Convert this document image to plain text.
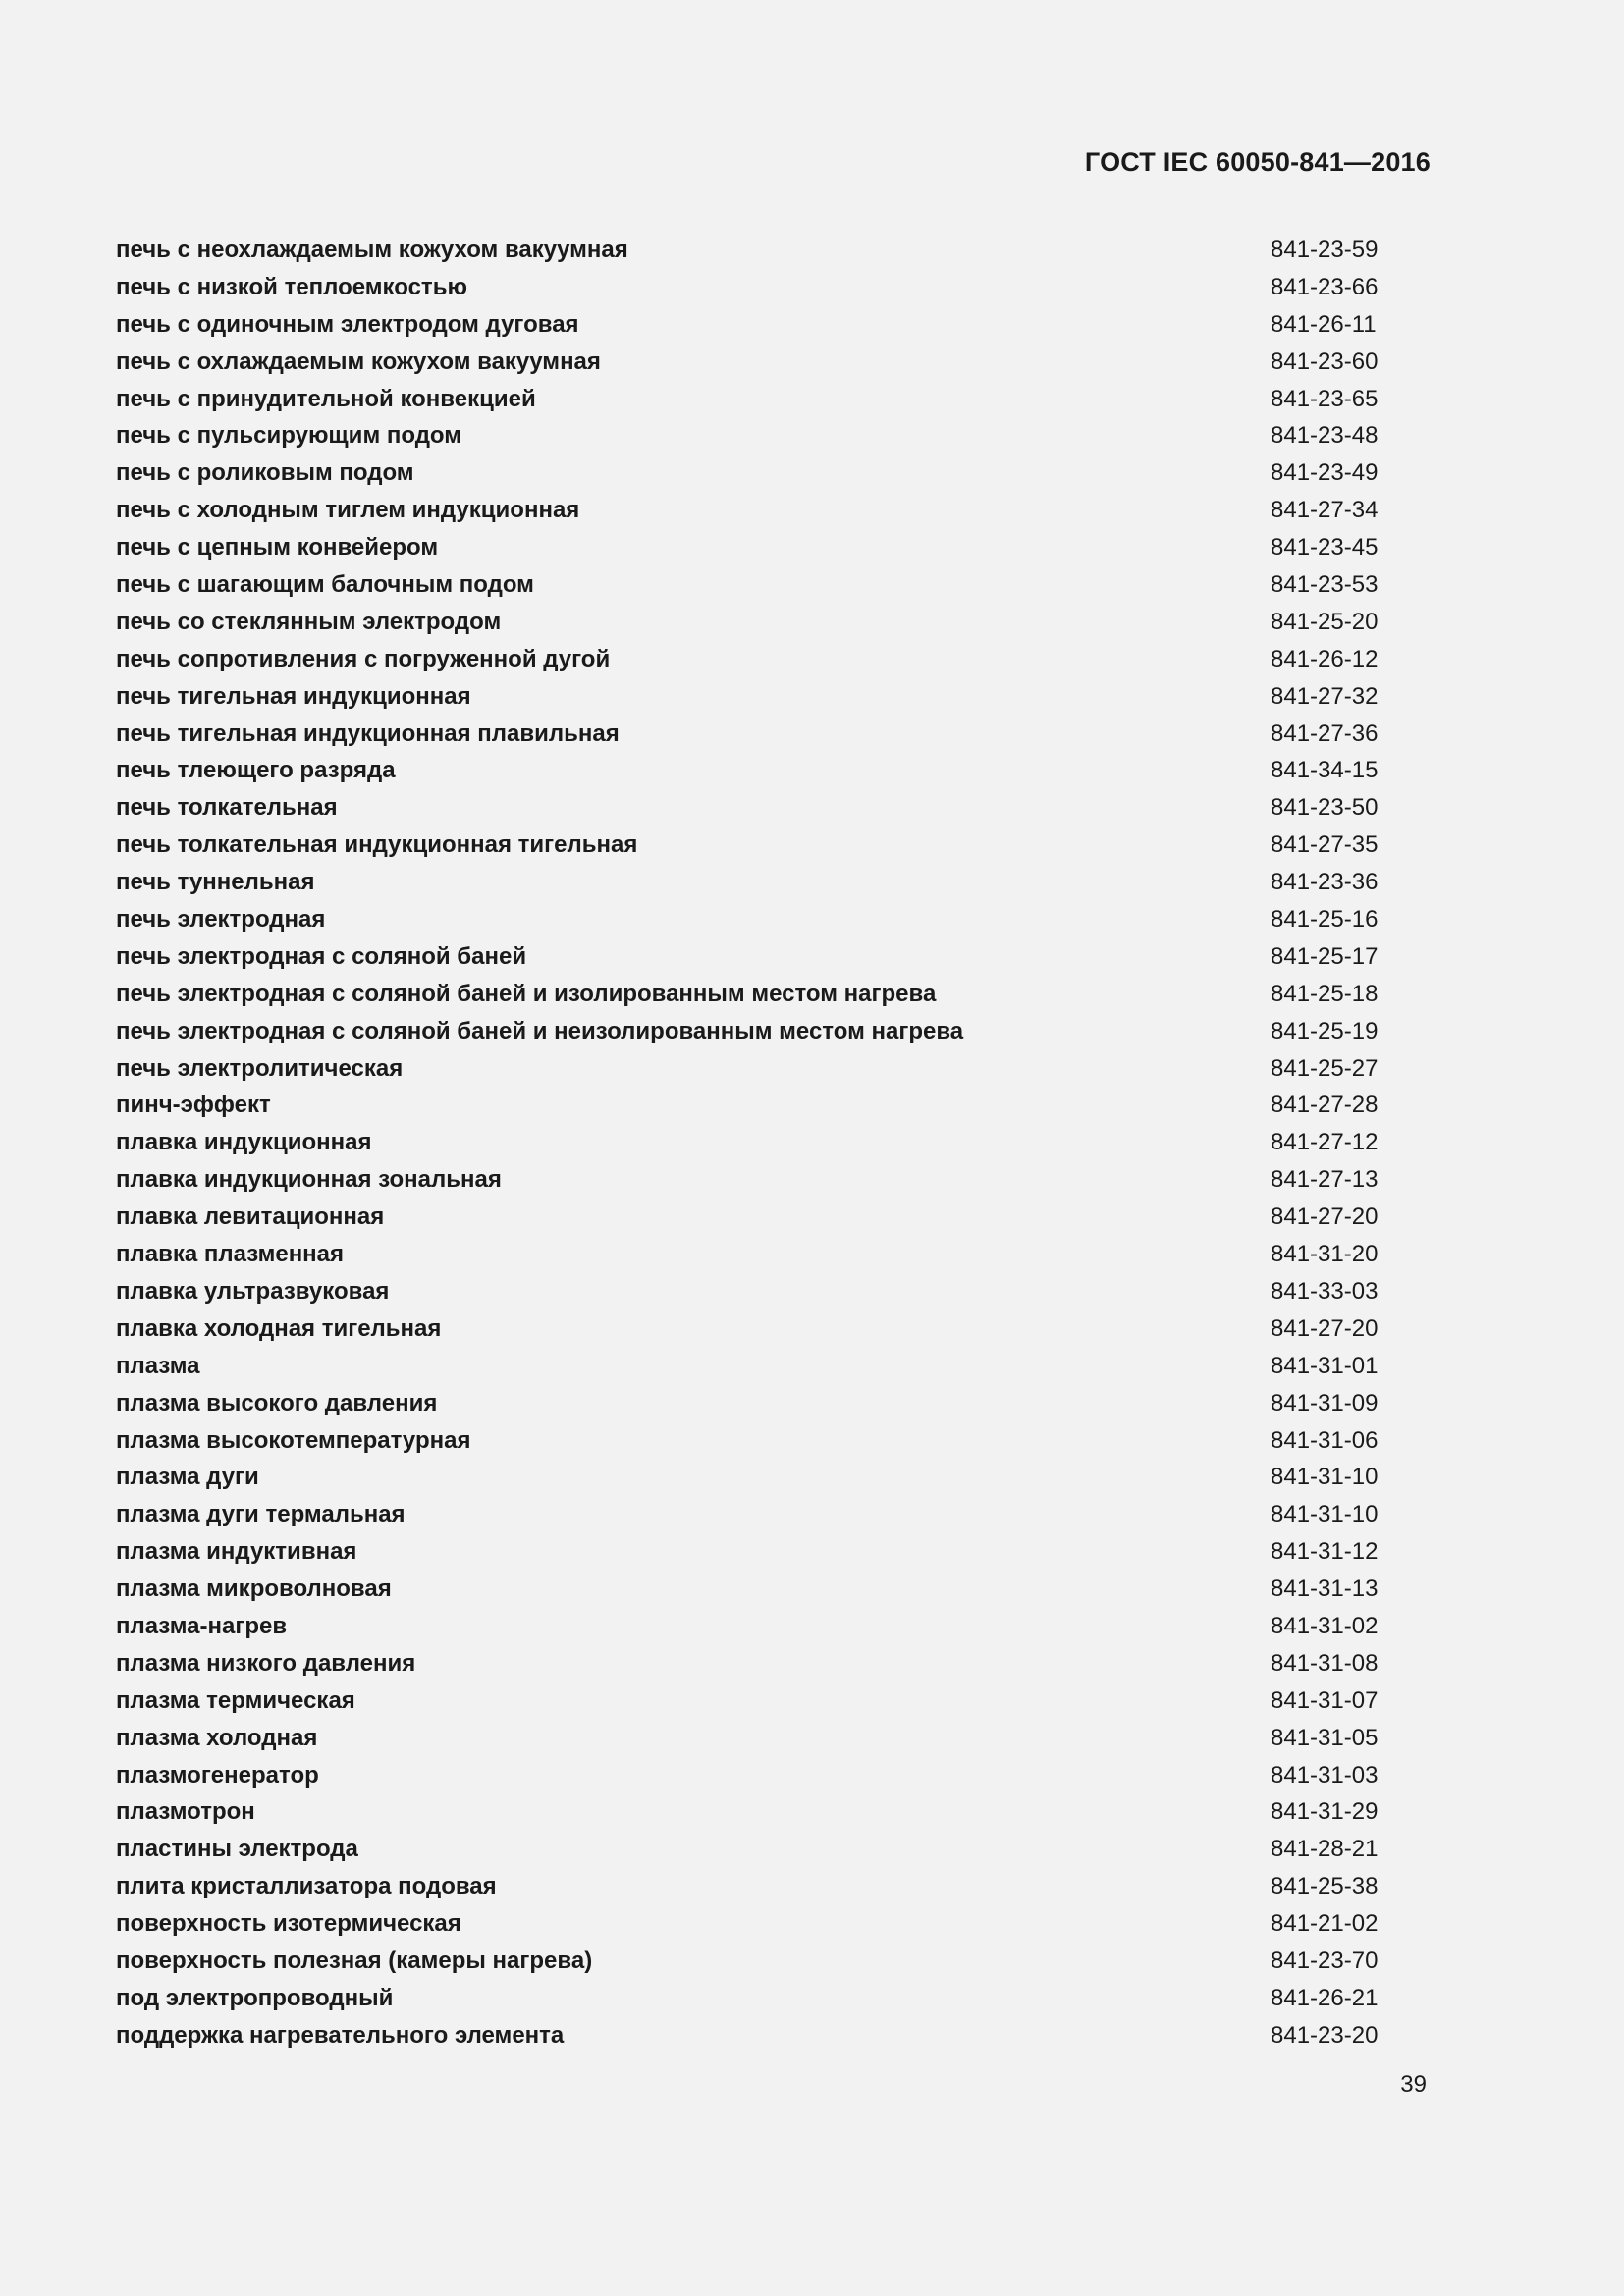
ГОСТ IEC 60050-841—2016
печь с неохлаждаемым кожухом вакуумная	841-23-59
печь с низкой теплоемкостью	841-23-66
печь с одиночным электродом дуговая	841-26-11
печь с охлаждаемым кожухом вакуумная	841-23-60
печь с принудительной конвекцией	841-23-65
печь с пульсирующим подом	841-23-48
печь с роликовым подом	841-23-49
печь с холодным тиглем индукционная	841-27-34
печь с цепным конвейером	841-23-45
печь с шагающим балочным подом	841-23-53
печь со стеклянным электродом	841-25-20
печь сопротивления с погруженной дугой	841-26-12
печь тигельная индукционная	841-27-32
печь тигельная индукционная плавильная	841-27-36
печь тлеющего разряда	841-34-15
печь толкательная	841-23-50
печь толкательная индукционная тигельная	841-27-35
печь туннельная	841-23-36
печь электродная	841-25-16
печь электродная с соляной баней	841-25-17
печь электродная с соляной баней и изолированным местом нагрева	841-25-18
печь электродная с соляной баней и неизолированным местом нагрева	841-25-19
печь электролитическая	841-25-27
пинч-эффект	841-27-28
плавка индукционная	841-27-12
плавка индукционная зональная	841-27-13
плавка левитационная	841-27-20
плавка плазменная	841-31-20
плавка ультразвуковая	841-33-03
плавка холодная тигельная	841-27-20
плазма	841-31-01
плазма высокого давления	841-31-09
плазма высокотемпературная	841-31-06
плазма дуги	841-31-10
плазма дуги термальная	841-31-10
плазма индуктивная	841-31-12
плазма микроволновая	841-31-13
плазма-нагрев	841-31-02
плазма низкого давления	841-31-08
плазма термическая	841-31-07
плазма холодная	841-31-05
плазмогенератор	841-31-03
плазмотрон	841-31-29
пластины электрода	841-28-21
плита кристаллизатора подовая	841-25-38
поверхность изотермическая	841-21-02
поверхность полезная (камеры нагрева)	841-23-70
под электропроводный	841-26-21
поддержка нагревательного элемента	841-23-20
39
